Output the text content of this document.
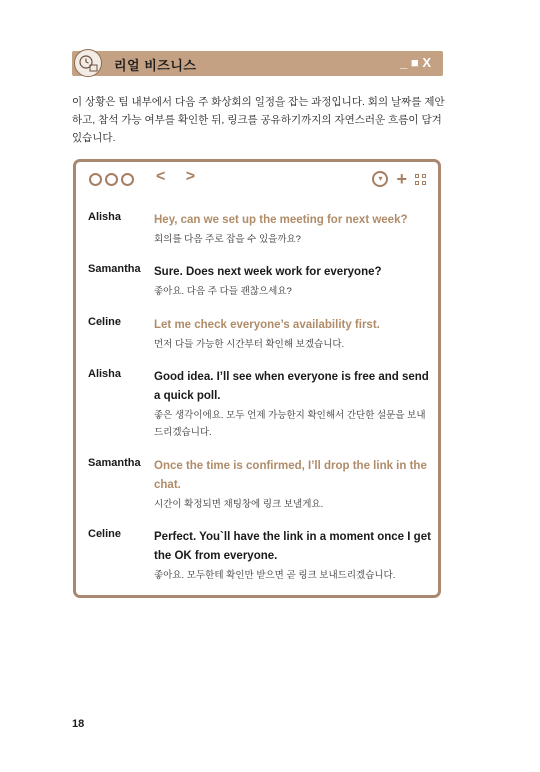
리얼 비즈니스	_ ■ X
이 상황은 팀 내부에서 다음 주 화상회의 일정을 잡는 과정입니다. 회의 날짜를 제안하고, 참석 가능 여부를 확인한 뒤, 링크를 공유하기까지의 자연스러운 흐름이 담겨 있습니다.
< >	▾ +
Alisha	Hey, can we set up the meeting for next week?
회의를 다음 주로 잡을 수 있을까요?
Samantha Sure. Does next week work for everyone?
좋아요. 다음 주 다들 괜찮으세요?
Celine	Let me check everyone’s availability first.
먼저 다들 가능한 시간부터 확인해 보겠습니다.
Alisha	Good idea. I’ll see when everyone is free and send a quick poll.
좋은 생각이에요. 모두 언제 가능한지 확인해서 간단한 설문을 보내드리겠습니다.
Samantha Once the time is confirmed, I’ll drop the link in the chat.
시간이 확정되면 채팅창에 링크 보낼게요.
Celine	Perfect. You`ll have the link in a moment once I get the OK from everyone.
좋아요. 모두한테 확인만 받으면 곧 링크 보내드리겠습니다.
18
